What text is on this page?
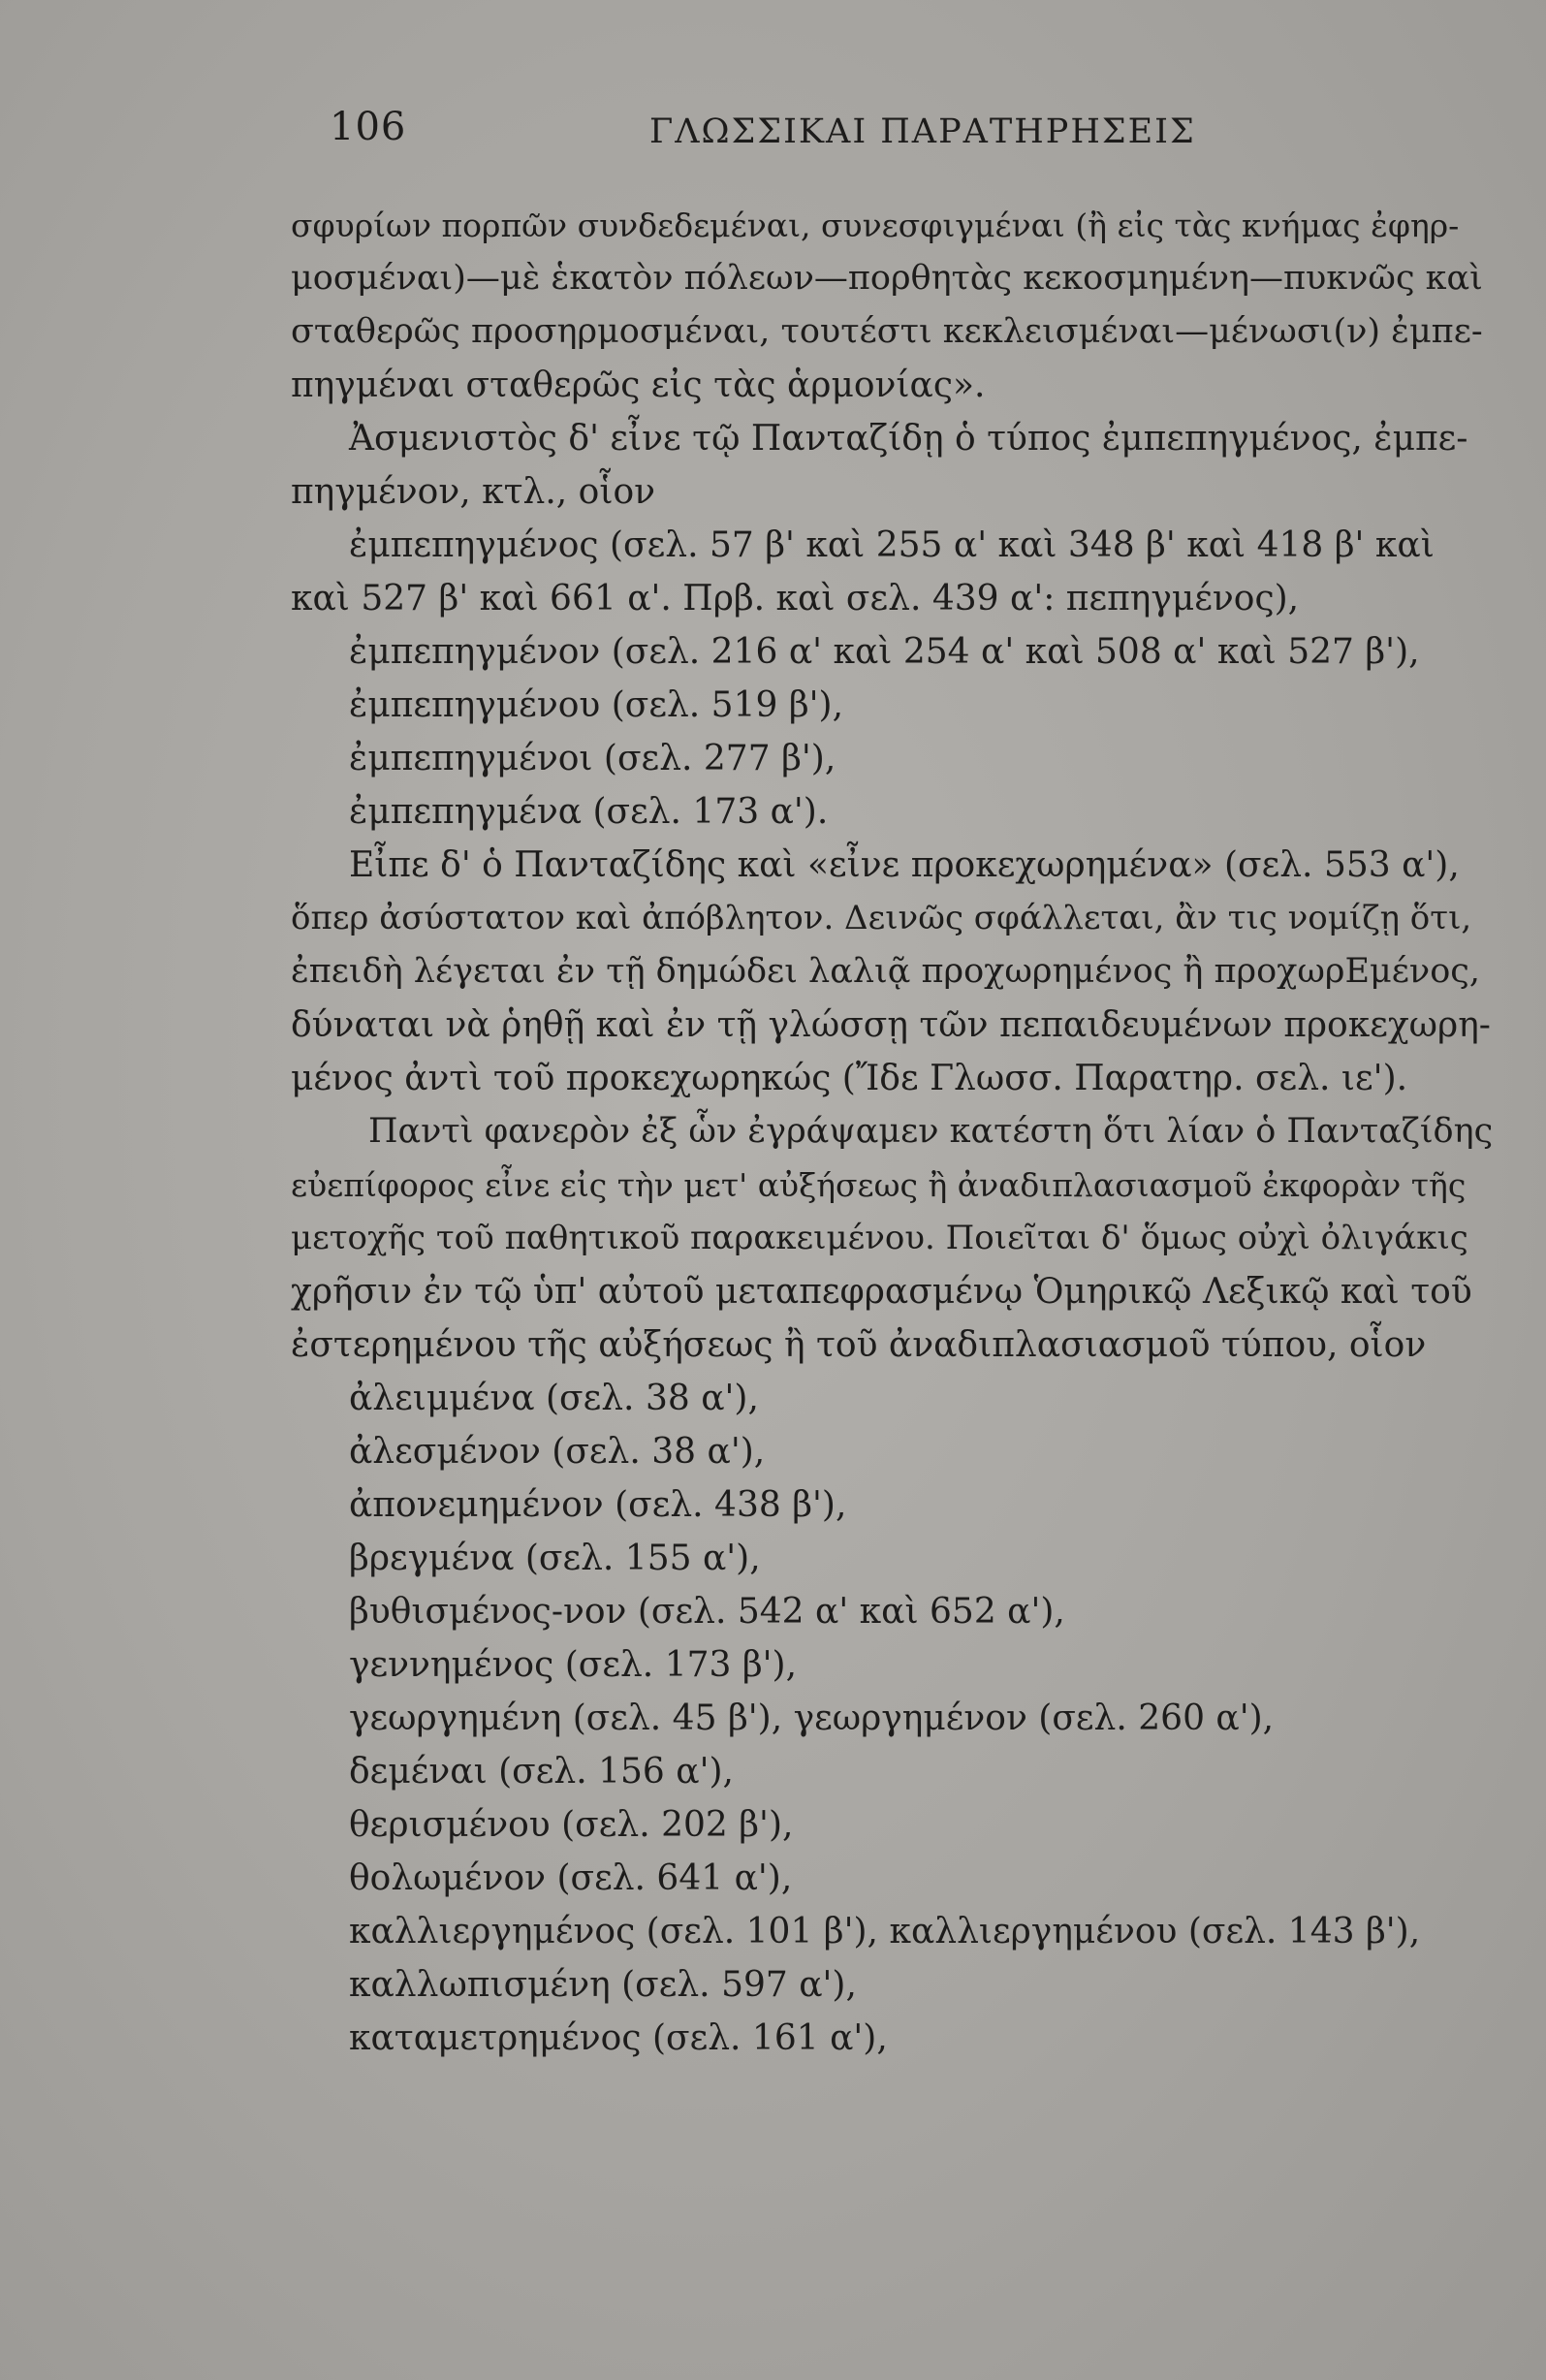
106	ΓΛΩΣΣΙΚΑΙ ΠΑΡΑΤΗΡΗΣΕΙΣ
σφυρίων πορπῶν συνδεδεμέναι, συνεσφιγμέναι (ἢ εἰς τὰς κνήμας ἐφηρ-
μοσμέναι)—μὲ ἑκατὸν πόλεων—πορθητὰς κεκοσμημένη—πυκνῶς καὶ
σταθερῶς προσηρμοσμέναι, τουτέστι κεκλεισμέναι—μένωσι(ν) ἐμπε-
πηγμέναι σταθερῶς εἰς τὰς ἁρμονίας».
Ἀσμενιστὸς δ' εἶνε τῷ Πανταζίδῃ ὁ τύπος ἐμπεπηγμένος, ἐμπε-
πηγμένον, κτλ., οἷον
ἐμπεπηγμένος (σελ. 57 β' καὶ 255 α' καὶ 348 β' καὶ 418 β' καὶ
καὶ 527 β' καὶ 661 α'. Πρβ. καὶ σελ. 439 α': πεπηγμένος),
ἐμπεπηγμένον (σελ. 216 α' καὶ 254 α' καὶ 508 α' καὶ 527 β'),
ἐμπεπηγμένου (σελ. 519 β'),
ἐμπεπηγμένοι (σελ. 277 β'),
ἐμπεπηγμένα (σελ. 173 α').
Εἶπε δ' ὁ Πανταζίδης καὶ «εἶνε προκεχωρημένα» (σελ. 553 α'),
ὅπερ ἀσύστατον καὶ ἀπόβλητον. Δεινῶς σφάλλεται, ἂν τις νομίζῃ ὅτι,
ἐπειδὴ λέγεται ἐν τῇ δημώδει λαλιᾷ προχωρημένος ἢ προχωρΕμένος,
δύναται νὰ ῥηθῇ καὶ ἐν τῇ γλώσσῃ τῶν πεπαιδευμένων προκεχωρη-
μένος ἀντὶ τοῦ προκεχωρηκώς (Ἴδε Γλωσσ. Παρατηρ. σελ. ιε').
Παντὶ φανερὸν ἐξ ὧν ἐγράψαμεν κατέστη ὅτι λίαν ὁ Πανταζίδης
εὐεπίφορος εἶνε εἰς τὴν μετ' αὐξήσεως ἢ ἀναδιπλασιασμοῦ ἐκφορὰν τῆς
μετοχῆς τοῦ παθητικοῦ παρακειμένου. Ποιεῖται δ' ὅμως οὐχὶ ὀλιγάκις
χρῆσιν ἐν τῷ ὑπ' αὐτοῦ μεταπεφρασμένῳ Ὁμηρικῷ Λεξικῷ καὶ τοῦ
ἐστερημένου τῆς αὐξήσεως ἢ τοῦ ἀναδιπλασιασμοῦ τύπου, οἷον
ἀλειμμένα (σελ. 38 α'),
ἀλεσμένον (σελ. 38 α'),
ἀπονεμημένον (σελ. 438 β'),
βρεγμένα (σελ. 155 α'),
βυθισμένος-νον (σελ. 542 α' καὶ 652 α'),
γεννημένος (σελ. 173 β'),
γεωργημένη (σελ. 45 β'), γεωργημένον (σελ. 260 α'),
δεμέναι (σελ. 156 α'),
θερισμένου (σελ. 202 β'),
θολωμένον (σελ. 641 α'),
καλλιεργημένος (σελ. 101 β'), καλλιεργημένου (σελ. 143 β'),
καλλωπισμένη (σελ. 597 α'),
καταμετρημένος (σελ. 161 α'),
